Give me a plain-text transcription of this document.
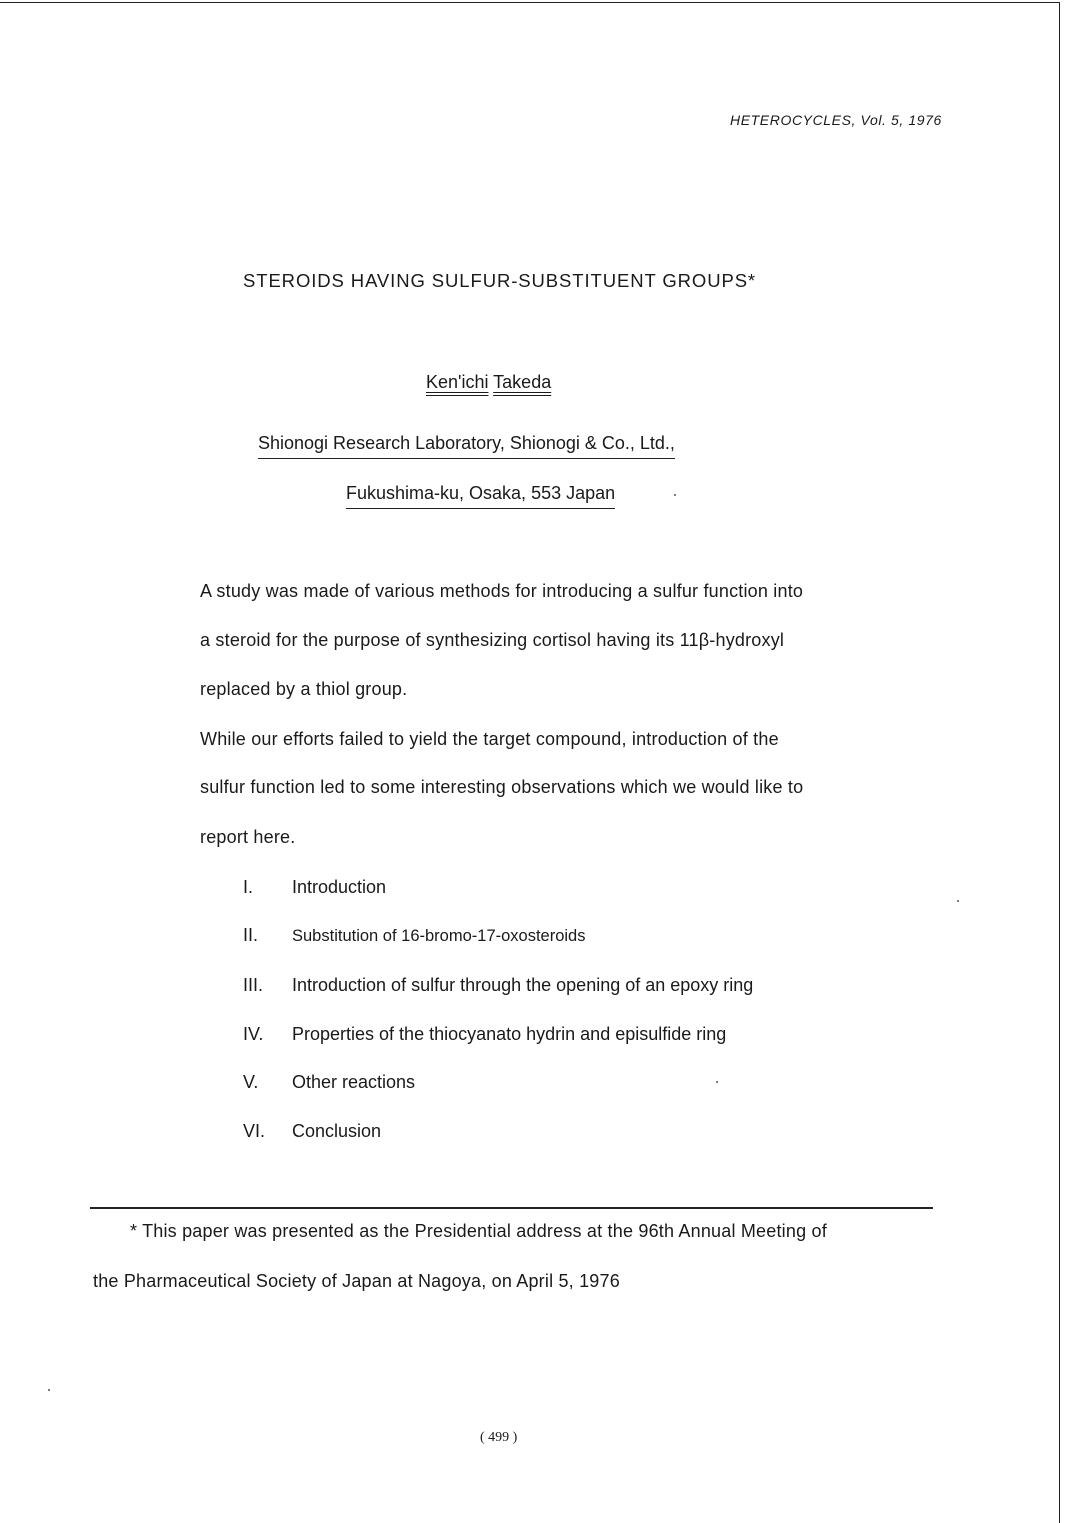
HETEROCYCLES, Vol. 5, 1976
STEROIDS HAVING SULFUR-SUBSTITUENT GROUPS*
Ken'ichi Takeda
Shionogi Research Laboratory, Shionogi & Co., Ltd.,
Fukushima-ku, Osaka, 553 Japan
A study was made of various methods for introducing a sulfur function into
a steroid for the purpose of synthesizing cortisol having its 11β-hydroxyl
replaced by a thiol group.
While our efforts failed to yield the target compound, introduction of the
sulfur function led to some interesting observations which we would like to
report here.
I. Introduction
II. Substitution of 16-bromo-17-oxosteroids
III. Introduction of sulfur through the opening of an epoxy ring
IV. Properties of the thiocyanato hydrin and episulfide ring
V. Other reactions
VI. Conclusion
* This paper was presented as the Presidential address at the 96th Annual Meeting of
the Pharmaceutical Society of Japan at Nagoya, on April 5, 1976
( 499 )
